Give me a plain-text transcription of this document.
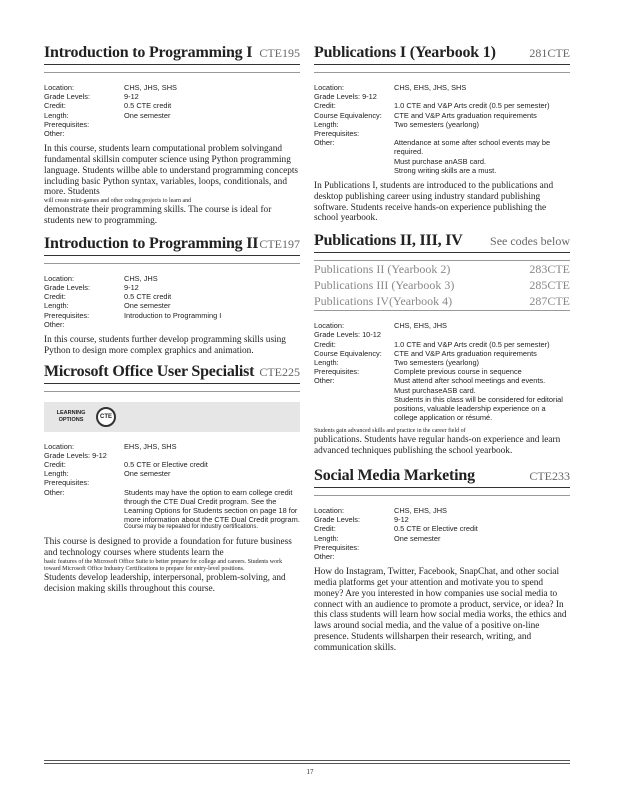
Introduction to Programming I CTE195
Location:	CHS, JHS, SHS
Grade Levels:	9-12
Credit:	0.5 CTE credit
Length:	One semester
Prerequisites:
Other:
In this course, students learn computational problem solvingand fundamental skillsin computer science using Python programming language. Students willbe able to understand programming concepts including basic Python syntax, variables, loops, conditionals, and more. Students
will create mini-games and other coding projects to learn and
demonstrate their programming skills. The course is ideal for students new to programming.
Introduction to Programming II CTE197
Location:	CHS, JHS
Grade Levels:	9-12
Credit:	0.5 CTE credit
Length:	One semester
Prerequisites:	Introduction to Programming I
Other:
In this course, students further develop programming skills using Python to design more complex graphics and animation.
Microsoft Office User Specialist CTE225
LEARNING OPTIONS	CTE
Location:	EHS, JHS, SHS
Grade Levels: 9-12
Credit:	0.5 CTE or Elective credit
Length:	One semester
Prerequisites:
Other:	Students may have the option to earn college credit through the CTE Dual Credit program. See the Learning Options for Students section on page 18 for more information about the CTE Dual Credit program.
Course may be repeated for industry certifications.
This course is designed to provide a foundation for future business and technology courses where students learn the
basic features of the Microsoft Office Suite to better prepare for college and careers. Students work toward Microsoft Office Industry Certifications to prepare for entry-level positions.
Students develop leadership, interpersonal, problem-solving, and decision making skills throughout this course.
Publications I (Yearbook 1)	281CTE
Location:	CHS, EHS, JHS, SHS
Grade Levels: 9-12
Credit:	1.0 CTE and V&P Arts credit (0.5 per semester)
Course Equivalency:	CTE and V&P Arts graduation requirements
Length:	Two semesters (yearlong)
Prerequisites:
Other:	Attendance at some after school events may be required.
Must purchase anASB card.
Strong writing skills are a must.
In Publications I, students are introduced to the publications and desktop publishing career using industry standard publishing software. Students receive hands-on experience publishing the school yearbook.
Publications II, III, IV See codes below
Publications II (Yearbook 2)	283CTE
Publications III (Yearbook 3)	285CTE
Publications IV(Yearbook 4)	287CTE
Location:	CHS, EHS, JHS
Grade Levels: 10-12
Credit:	1.0 CTE and V&P Arts credit (0.5 per semester)
Course Equivalency:	CTE and V&P Arts graduation requirements
Length:	Two semesters (yearlong)
Prerequisites:	Complete previous course in sequence
Other:	Must attend after school meetings and events.
Must purchaseASB card.
Students in this class will be considered for editorial positions, valuable leadership experience on a college application or résumé.
Students gain advanced skills and practice in the career field of
publications. Students have regular hands-on experience and learn advanced techniques publishing the school yearbook.
Social Media Marketing	CTE233
Location:	CHS, EHS, JHS
Grade Levels:	9-12
Credit:	0.5 CTE or Elective credit
Length:	One semester
Prerequisites:
Other:
How do Instagram, Twitter, Facebook, SnapChat, and other social media platforms get your attention and motivate you to spend money? Are you interested in how companies use social media to connect with an audience to promote a product, service, or idea? In this class students will learn how social media works, the ethics and laws around social media, and the value of a positive on-line presence. Students willsharpen their research, writing, and communication skills.
17
